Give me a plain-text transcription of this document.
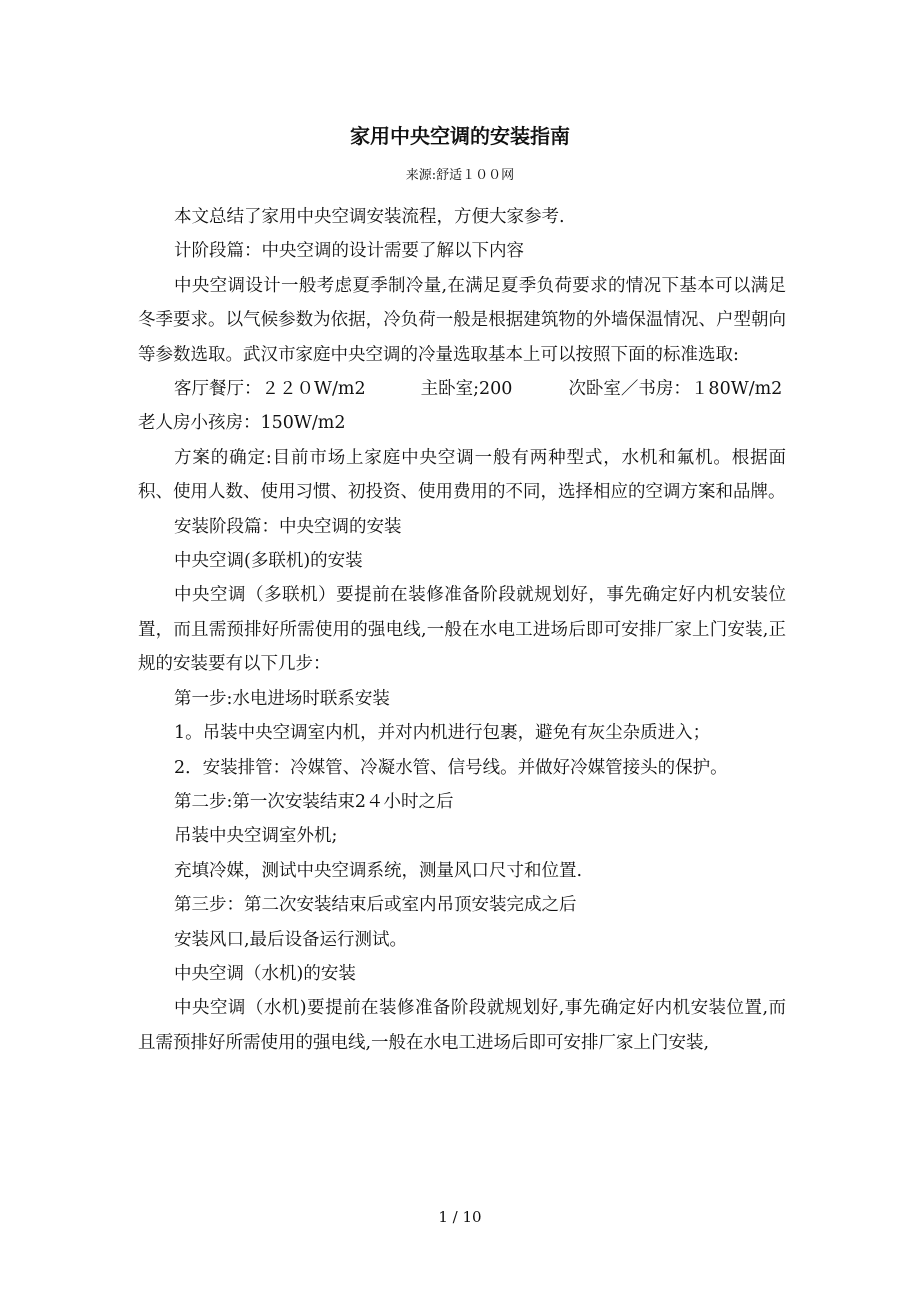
家用中央空调的安装指南
来源:舒适１００网

本文总结了家用中央空调安装流程，方便大家参考.

计阶段篇：中央空调的设计需要了解以下内容

中央空调设计一般考虑夏季制冷量,在满足夏季负荷要求的情况下基本可以满足冬季要求。以气候参数为依据，冷负荷一般是根据建筑物的外墙保温情况、户型朝向等参数选取。武汉市家庭中央空调的冷量选取基本上可以按照下面的标准选取:

客厅餐厅：２２０W/m2	主卧室;200	次卧室／书房：１80W/m2

老人房小孩房：150W/m2

方案的确定:目前市场上家庭中央空调一般有两种型式，水机和氟机。根据面积、使用人数、使用习惯、初投资、使用费用的不同，选择相应的空调方案和品牌。

安装阶段篇：中央空调的安装

中央空调(多联机)的安装

中央空调（多联机）要提前在装修准备阶段就规划好，事先确定好内机安装位置，而且需预排好所需使用的强电线,一般在水电工进场后即可安排厂家上门安装,正规的安装要有以下几步：

第一步:水电进场时联系安装

1。吊装中央空调室内机，并对内机进行包裹，避免有灰尘杂质进入；

2．安装排管：冷媒管、冷凝水管、信号线。并做好冷媒管接头的保护。

第二步:第一次安装结束2４小时之后

吊装中央空调室外机;

充填冷媒，测试中央空调系统，测量风口尺寸和位置.

第三步：第二次安装结束后或室内吊顶安装完成之后

安装风口,最后设备运行测试。

中央空调（水机)的安装

中央空调（水机)要提前在装修准备阶段就规划好,事先确定好内机安装位置,而且需预排好所需使用的强电线,一般在水电工进场后即可安排厂家上门安装,

1 / 10
